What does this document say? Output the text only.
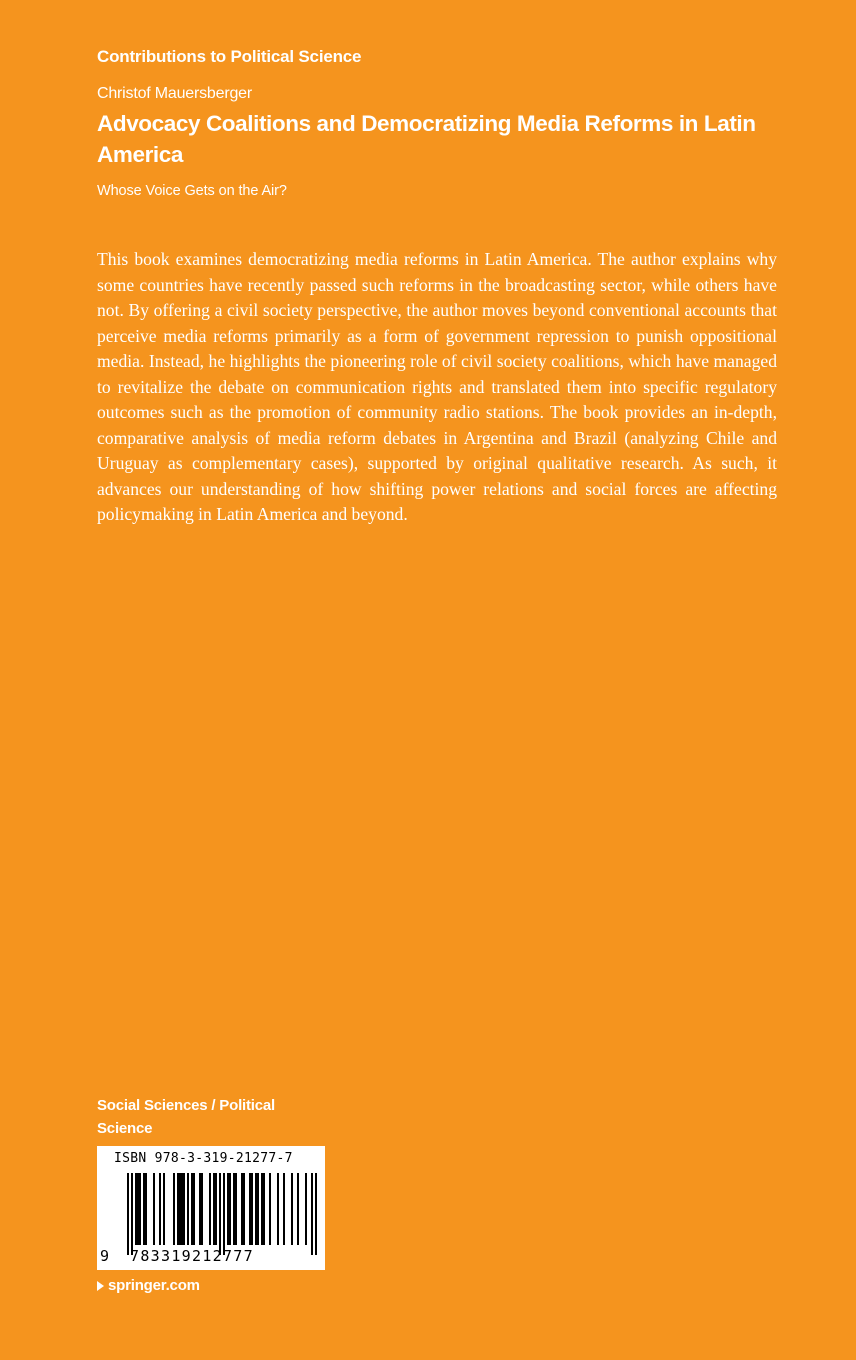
Contributions to Political Science
Christof Mauersberger
Advocacy Coalitions and Democratizing Media Reforms in Latin America
Whose Voice Gets on the Air?

This book examines democratizing media reforms in Latin America. The author explains why some countries have recently passed such reforms in the broadcasting sector, while others have not. By offering a civil society perspective, the author moves beyond conventional accounts that perceive media reforms primarily as a form of government repression to punish oppositional media. Instead, he highlights the pioneering role of civil society coalitions, which have managed to revitalize the debate on communication rights and translated them into specific regulatory outcomes such as the promotion of community radio stations. The book provides an in-depth, comparative analysis of media reform debates in Argentina and Brazil (analyzing Chile and Uruguay as complementary cases), supported by original qualitative research. As such, it advances our understanding of how shifting power relations and social forces are affecting policymaking in Latin America and beyond.

Social Sciences / Political Science
ISBN 978-3-319-21277-7
9 783319212777
springer.com
